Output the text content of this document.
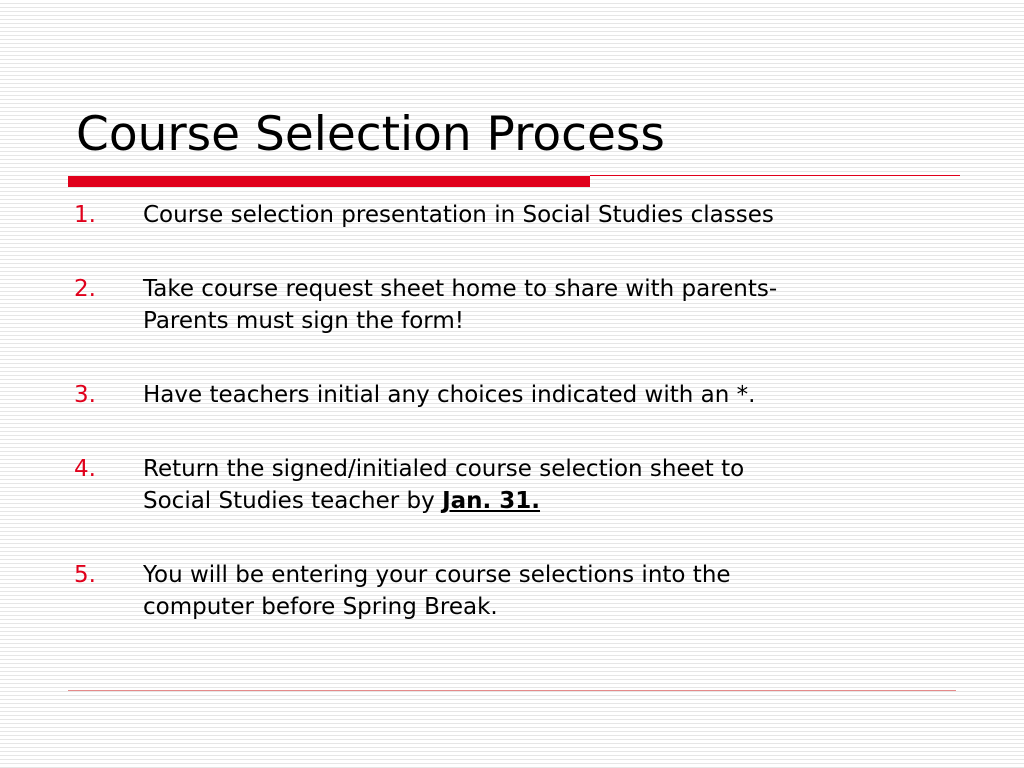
Course Selection Process
1. Course selection presentation in Social Studies classes
2. Take course request sheet home to share with parents-
Parents must sign the form!
3. Have teachers initial any choices indicated with an *.
4. Return the signed/initialed course selection sheet to
Social Studies teacher by Jan. 31.
5. You will be entering your course selections into the
computer before Spring Break.
